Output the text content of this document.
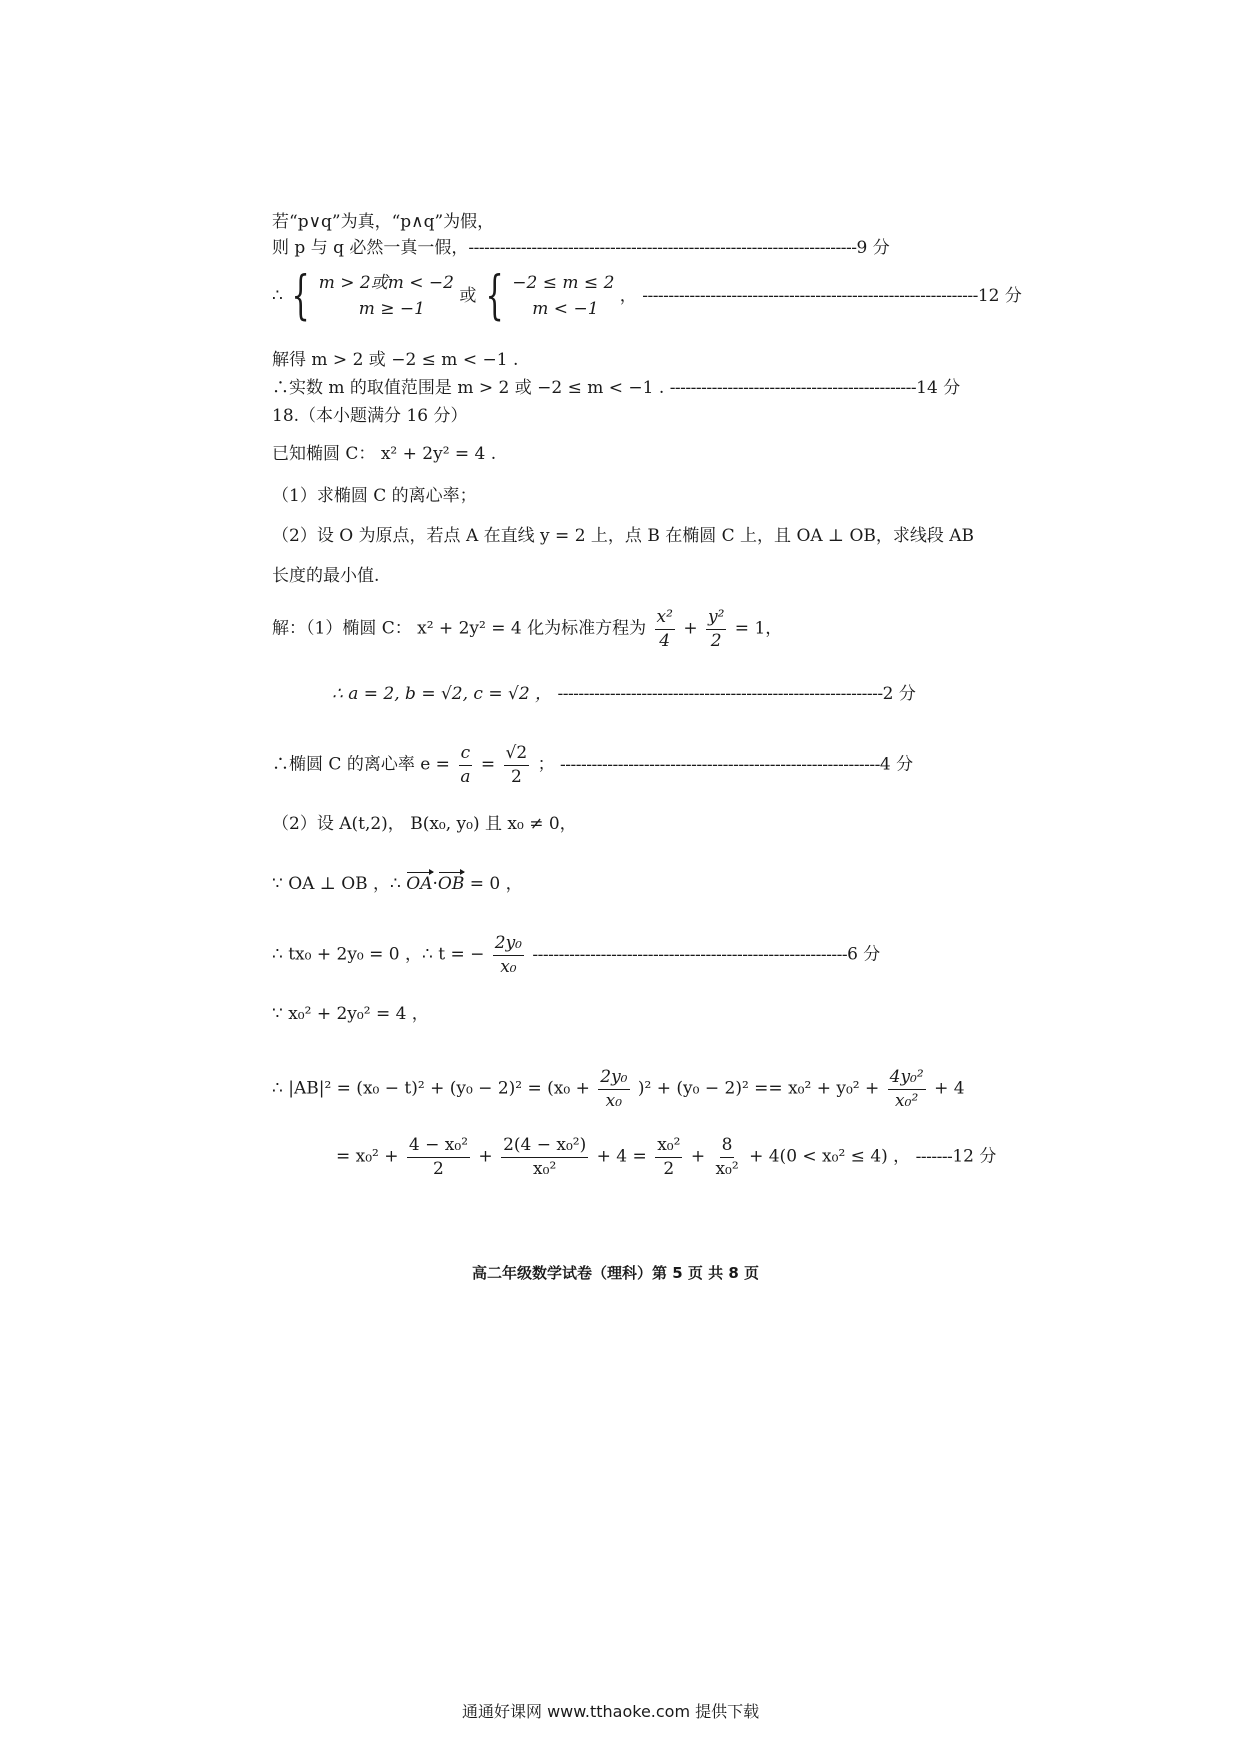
若“p∨q”为真，“p∧q”为假，
则 p 与 q 必然一真一假，--------------------------------------------------------------------------9 分
∴ { m > 2或m < −2
m ≥ −1
或 { −2 ≤ m ≤ 2
m < −1
， ----------------------------------------------------------------12 分
解得 m > 2 或 −2 ≤ m < −1 .
∴实数 m 的取值范围是 m > 2 或 −2 ≤ m < −1 . -----------------------------------------------14 分
18.（本小题满分 16 分）
已知椭圆 C： x² + 2y² = 4 .
（1）求椭圆 C 的离心率；
（2）设 O 为原点，若点 A 在直线 y = 2 上，点 B 在椭圆 C 上，且 OA ⊥ OB，求线段 AB
长度的最小值.
解：（1）椭圆 C： x² + 2y² = 4 化为标准方程为 $\frac{\text{x²}}{4} + \frac{\text{y²}}{2} = 1$，
∴ a = 2, b = √2, c = √2 ， --------------------------------------------------------------2 分
∴椭圆 C 的离心率 $e = \frac{c}{a} = \frac{√2}{2}$ ； -------------------------------------------------------------4 分
（2）设 A(t,2)， B(x₀, y₀) 且 x₀ ≠ 0，
∵ OA ⊥ OB ，∴ OA·OB = 0 ，
∴ tx₀ + 2y₀ = 0 ，∴ t = − $\frac{\text{2y₀}}{\text{x₀}} ------------------------------------------------------------6$ 分
∵ x₀² + 2y₀² = 4 ，
∴ $|AB|^2 = (x_0 - t)^2 + (y_0 - 2)^2 = (x_0 + \frac{\text{2y₀}}{\text{x₀}} )^2 + (y_0 - 2)^2 == x_0^2 + y_0^2 + \frac{\text{4y₀²}}{\text{x₀²}} + 4$
= $x_0^2 + \frac{\text{4 − x₀²}}{2} + \frac{\text{2(4 − x₀²)}}{\text{x₀²}} + 4 = \frac{\text{x₀²}}{2} + \frac{8}{\text{x₀²}} + 4(0 < x_0^2 \le 4)$ ， -------12 分
高二年级数学试卷（理科）第 5 页 共 8 页
通通好课网 www.tthaoke.com 提供下载
